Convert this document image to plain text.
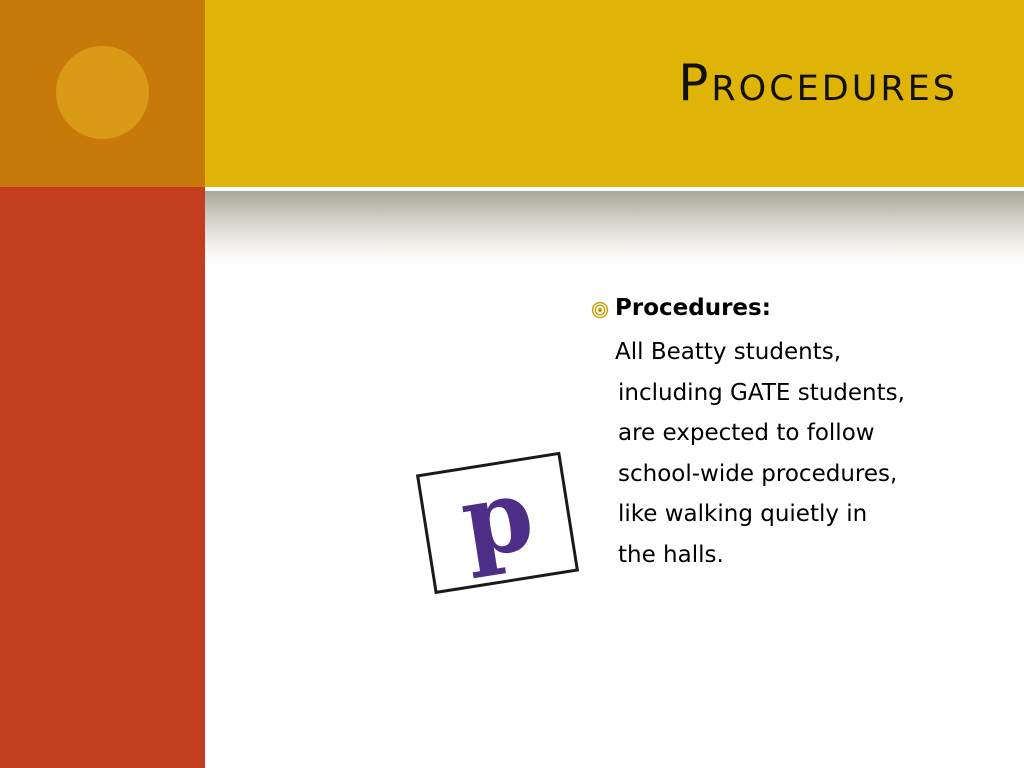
Procedures

Procedures:

All Beatty students,
including GATE students,
are expected to follow
school-wide procedures,
like walking quietly in
the halls.

p
